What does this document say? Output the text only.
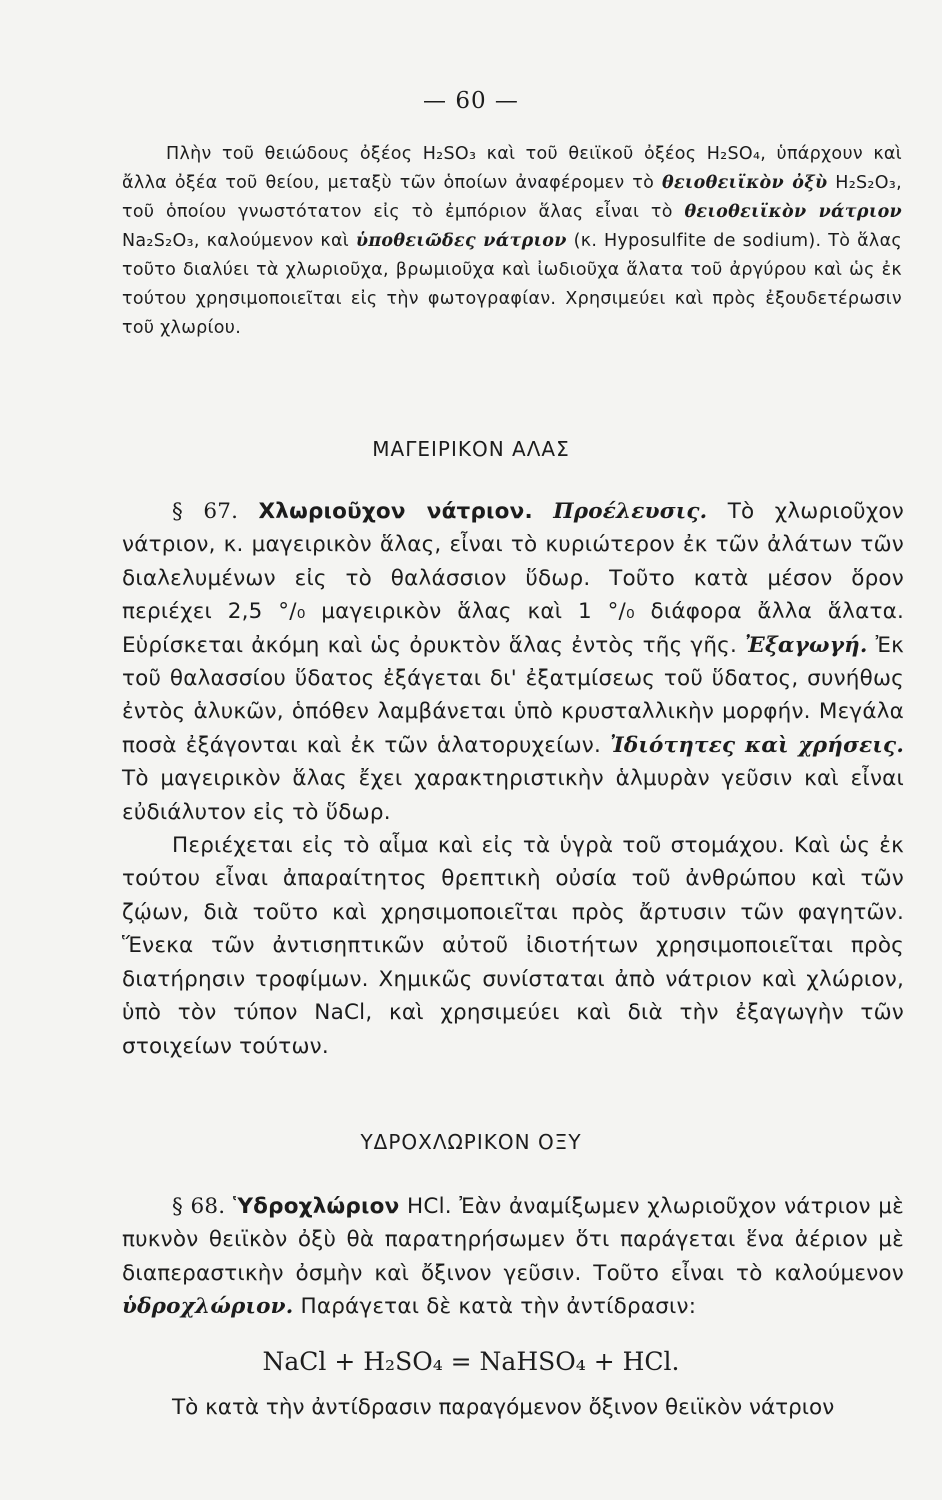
— 60 —
Πλὴν τοῦ θειώδους ὀξέος H₂SO₃ καὶ τοῦ θειϊκοῦ ὀξέος H₂SO₄, ὑπάρχουν καὶ ἄλλα ὀξέα τοῦ θείου, μεταξὺ τῶν ὁποίων ἀναφέρομεν τὸ θειοθειϊκὸν ὀξὺ H₂S₂O₃, τοῦ ὁποίου γνωστότατον εἰς τὸ ἐμπόριον ἅλας εἶναι τὸ θειοθειϊκὸν νάτριον Na₂S₂O₃, καλούμενον καὶ ὑποθειῶδες νάτριον (κ. Hyposulfite de sodium). Τὸ ἅλας τοῦτο διαλύει τὰ χλωριοῦχα, βρωμιοῦχα καὶ ἰωδιοῦχα ἅλατα τοῦ ἀργύρου καὶ ὡς ἐκ τούτου χρησιμοποιεῖται εἰς τὴν φωτογραφίαν. Χρησιμεύει καὶ πρὸς ἐξουδετέρωσιν τοῦ χλωρίου.
ΜΑΓΕΙΡΙΚΟΝ ΑΛΑΣ

§ 67. Χλωριοῦχον νάτριον. Προέλευσις. Τὸ χλωριοῦχον νάτριον, κ. μαγειρικὸν ἅλας, εἶναι τὸ κυριώτερον ἐκ τῶν ἀλάτων τῶν διαλελυμένων εἰς τὸ θαλάσσιον ὕδωρ. Τοῦτο κατὰ μέσον ὅρον περιέχει 2,5 °/₀ μαγειρικὸν ἅλας καὶ 1 °/₀ διάφορα ἄλλα ἅλατα. Εὑρίσκεται ἀκόμη καὶ ὡς ὀρυκτὸν ἅλας ἐντὸς τῆς γῆς. Ἐξαγωγή. Ἐκ τοῦ θαλασσίου ὕδατος ἐξάγεται δι' ἐξατμίσεως τοῦ ὕδατος, συνήθως ἐντὸς ἁλυκῶν, ὁπόθεν λαμβάνεται ὑπὸ κρυσταλλικὴν μορφήν. Μεγάλα ποσὰ ἐξάγονται καὶ ἐκ τῶν ἁλατορυχείων. Ἰδιότητες καὶ χρήσεις. Τὸ μαγειρικὸν ἅλας ἔχει χαρακτηριστικὴν ἁλμυρὰν γεῦσιν καὶ εἶναι εὐδιάλυτον εἰς τὸ ὕδωρ.

Περιέχεται εἰς τὸ αἷμα καὶ εἰς τὰ ὑγρὰ τοῦ στομάχου. Καὶ ὡς ἐκ τούτου εἶναι ἀπαραίτητος θρεπτικὴ οὐσία τοῦ ἀνθρώπου καὶ τῶν ζῴων, διὰ τοῦτο καὶ χρησιμοποιεῖται πρὸς ἄρτυσιν τῶν φαγητῶν. Ἕνεκα τῶν ἀντισηπτικῶν αὐτοῦ ἰδιοτήτων χρησιμοποιεῖται πρὸς διατήρησιν τροφίμων. Χημικῶς συνίσταται ἀπὸ νάτριον καὶ χλώριον, ὑπὸ τὸν τύπον NaCl, καὶ χρησιμεύει καὶ διὰ τὴν ἐξαγωγὴν τῶν στοιχείων τούτων.

ΥΔΡΟΧΛΩΡΙΚΟΝ ΟΞΥ

§ 68. Ὑδροχλώριον HCl. Ἐὰν ἀναμίξωμεν χλωριοῦχον νάτριον μὲ πυκνὸν θειϊκὸν ὀξὺ θὰ παρατηρήσωμεν ὅτι παράγεται ἕνα ἀέριον μὲ διαπεραστικὴν ὀσμὴν καὶ ὄξινον γεῦσιν. Τοῦτο εἶναι τὸ καλούμενον ὑδροχλώριον. Παράγεται δὲ κατὰ τὴν ἀντίδρασιν:

NaCl + H₂SO₄ = NaHSO₄ + HCl.
Τὸ κατὰ τὴν ἀντίδρασιν παραγόμενον ὄξινον θειϊκὸν νάτριον
